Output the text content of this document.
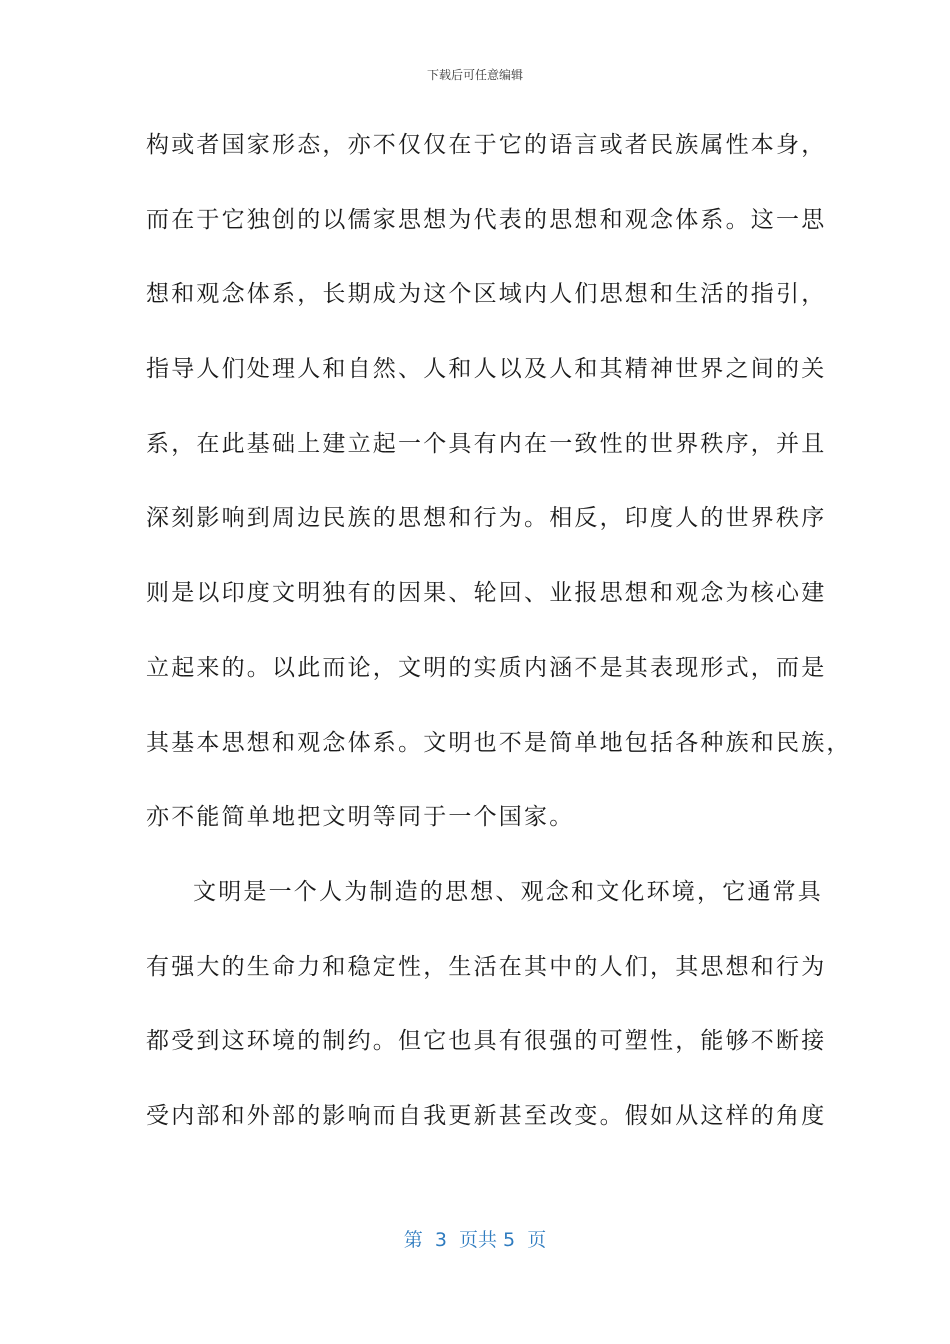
下载后可任意编辑
构或者国家形态，亦不仅仅在于它的语言或者民族属性本身，
而在于它独创的以儒家思想为代表的思想和观念体系。这一思
想和观念体系，长期成为这个区域内人们思想和生活的指引，
指导人们处理人和自然、人和人以及人和其精神世界之间的关
系，在此基础上建立起一个具有内在一致性的世界秩序，并且
深刻影响到周边民族的思想和行为。相反，印度人的世界秩序
则是以印度文明独有的因果、轮回、业报思想和观念为核心建
立起来的。以此而论，文明的实质内涵不是其表现形式，而是
其基本思想和观念体系。文明也不是简单地包括各种族和民族，
亦不能简单地把文明等同于一个国家。
文明是一个人为制造的思想、观念和文化环境，它通常具
有强大的生命力和稳定性，生活在其中的人们，其思想和行为
都受到这环境的制约。但它也具有很强的可塑性，能够不断接
受内部和外部的影响而自我更新甚至改变。假如从这样的角度
第  3  页共 5  页
